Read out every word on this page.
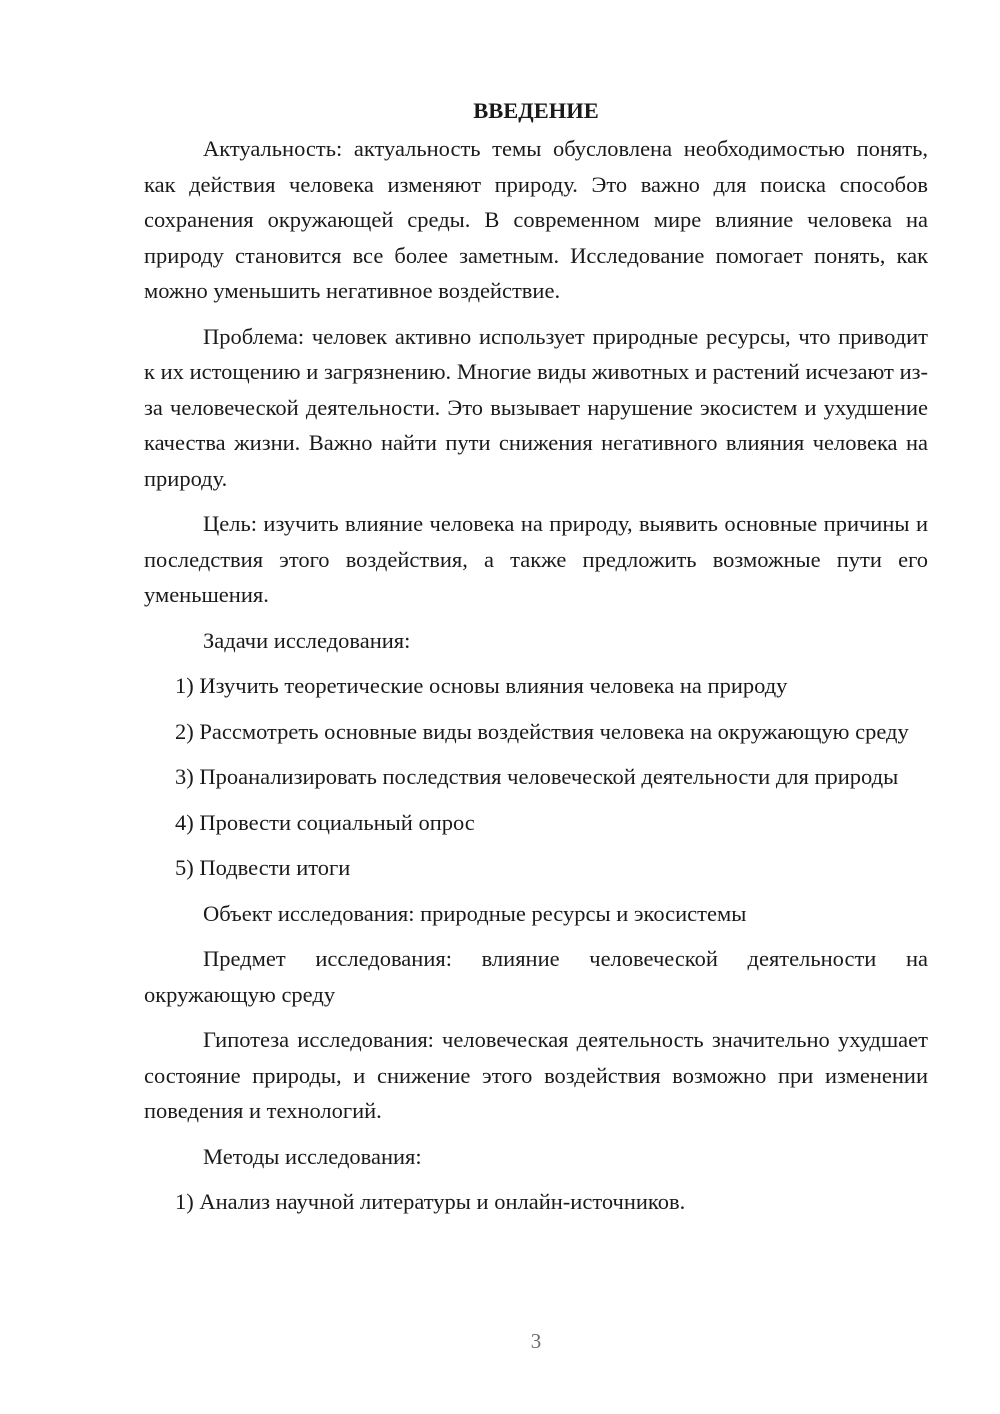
ВВЕДЕНИЕ

Актуальность: актуальность темы обусловлена необходимостью понять, как действия человека изменяют природу. Это важно для поиска способов сохранения окружающей среды. В современном мире влияние человека на природу становится все более заметным. Исследование помогает понять, как можно уменьшить негативное воздействие.

Проблема: человек активно использует природные ресурсы, что приводит к их истощению и загрязнению. Многие виды животных и растений исчезают из-за человеческой деятельности. Это вызывает нарушение экосистем и ухудшение качества жизни. Важно найти пути снижения негативного влияния человека на природу.

Цель: изучить влияние человека на природу, выявить основные причины и последствия этого воздействия, а также предложить возможные пути его уменьшения.

Задачи исследования:

1) Изучить теоретические основы влияния человека на природу

2) Рассмотреть основные виды воздействия человека на окружающую среду

3) Проанализировать последствия человеческой деятельности для природы

4) Провести социальный опрос

5) Подвести итоги

Объект исследования: природные ресурсы и экосистемы

Предмет исследования: влияние человеческой деятельности на окружающую среду

Гипотеза исследования: человеческая деятельность значительно ухудшает состояние природы, и снижение этого воздействия возможно при изменении поведения и технологий.

Методы исследования:

1) Анализ научной литературы и онлайн-источников.

3
